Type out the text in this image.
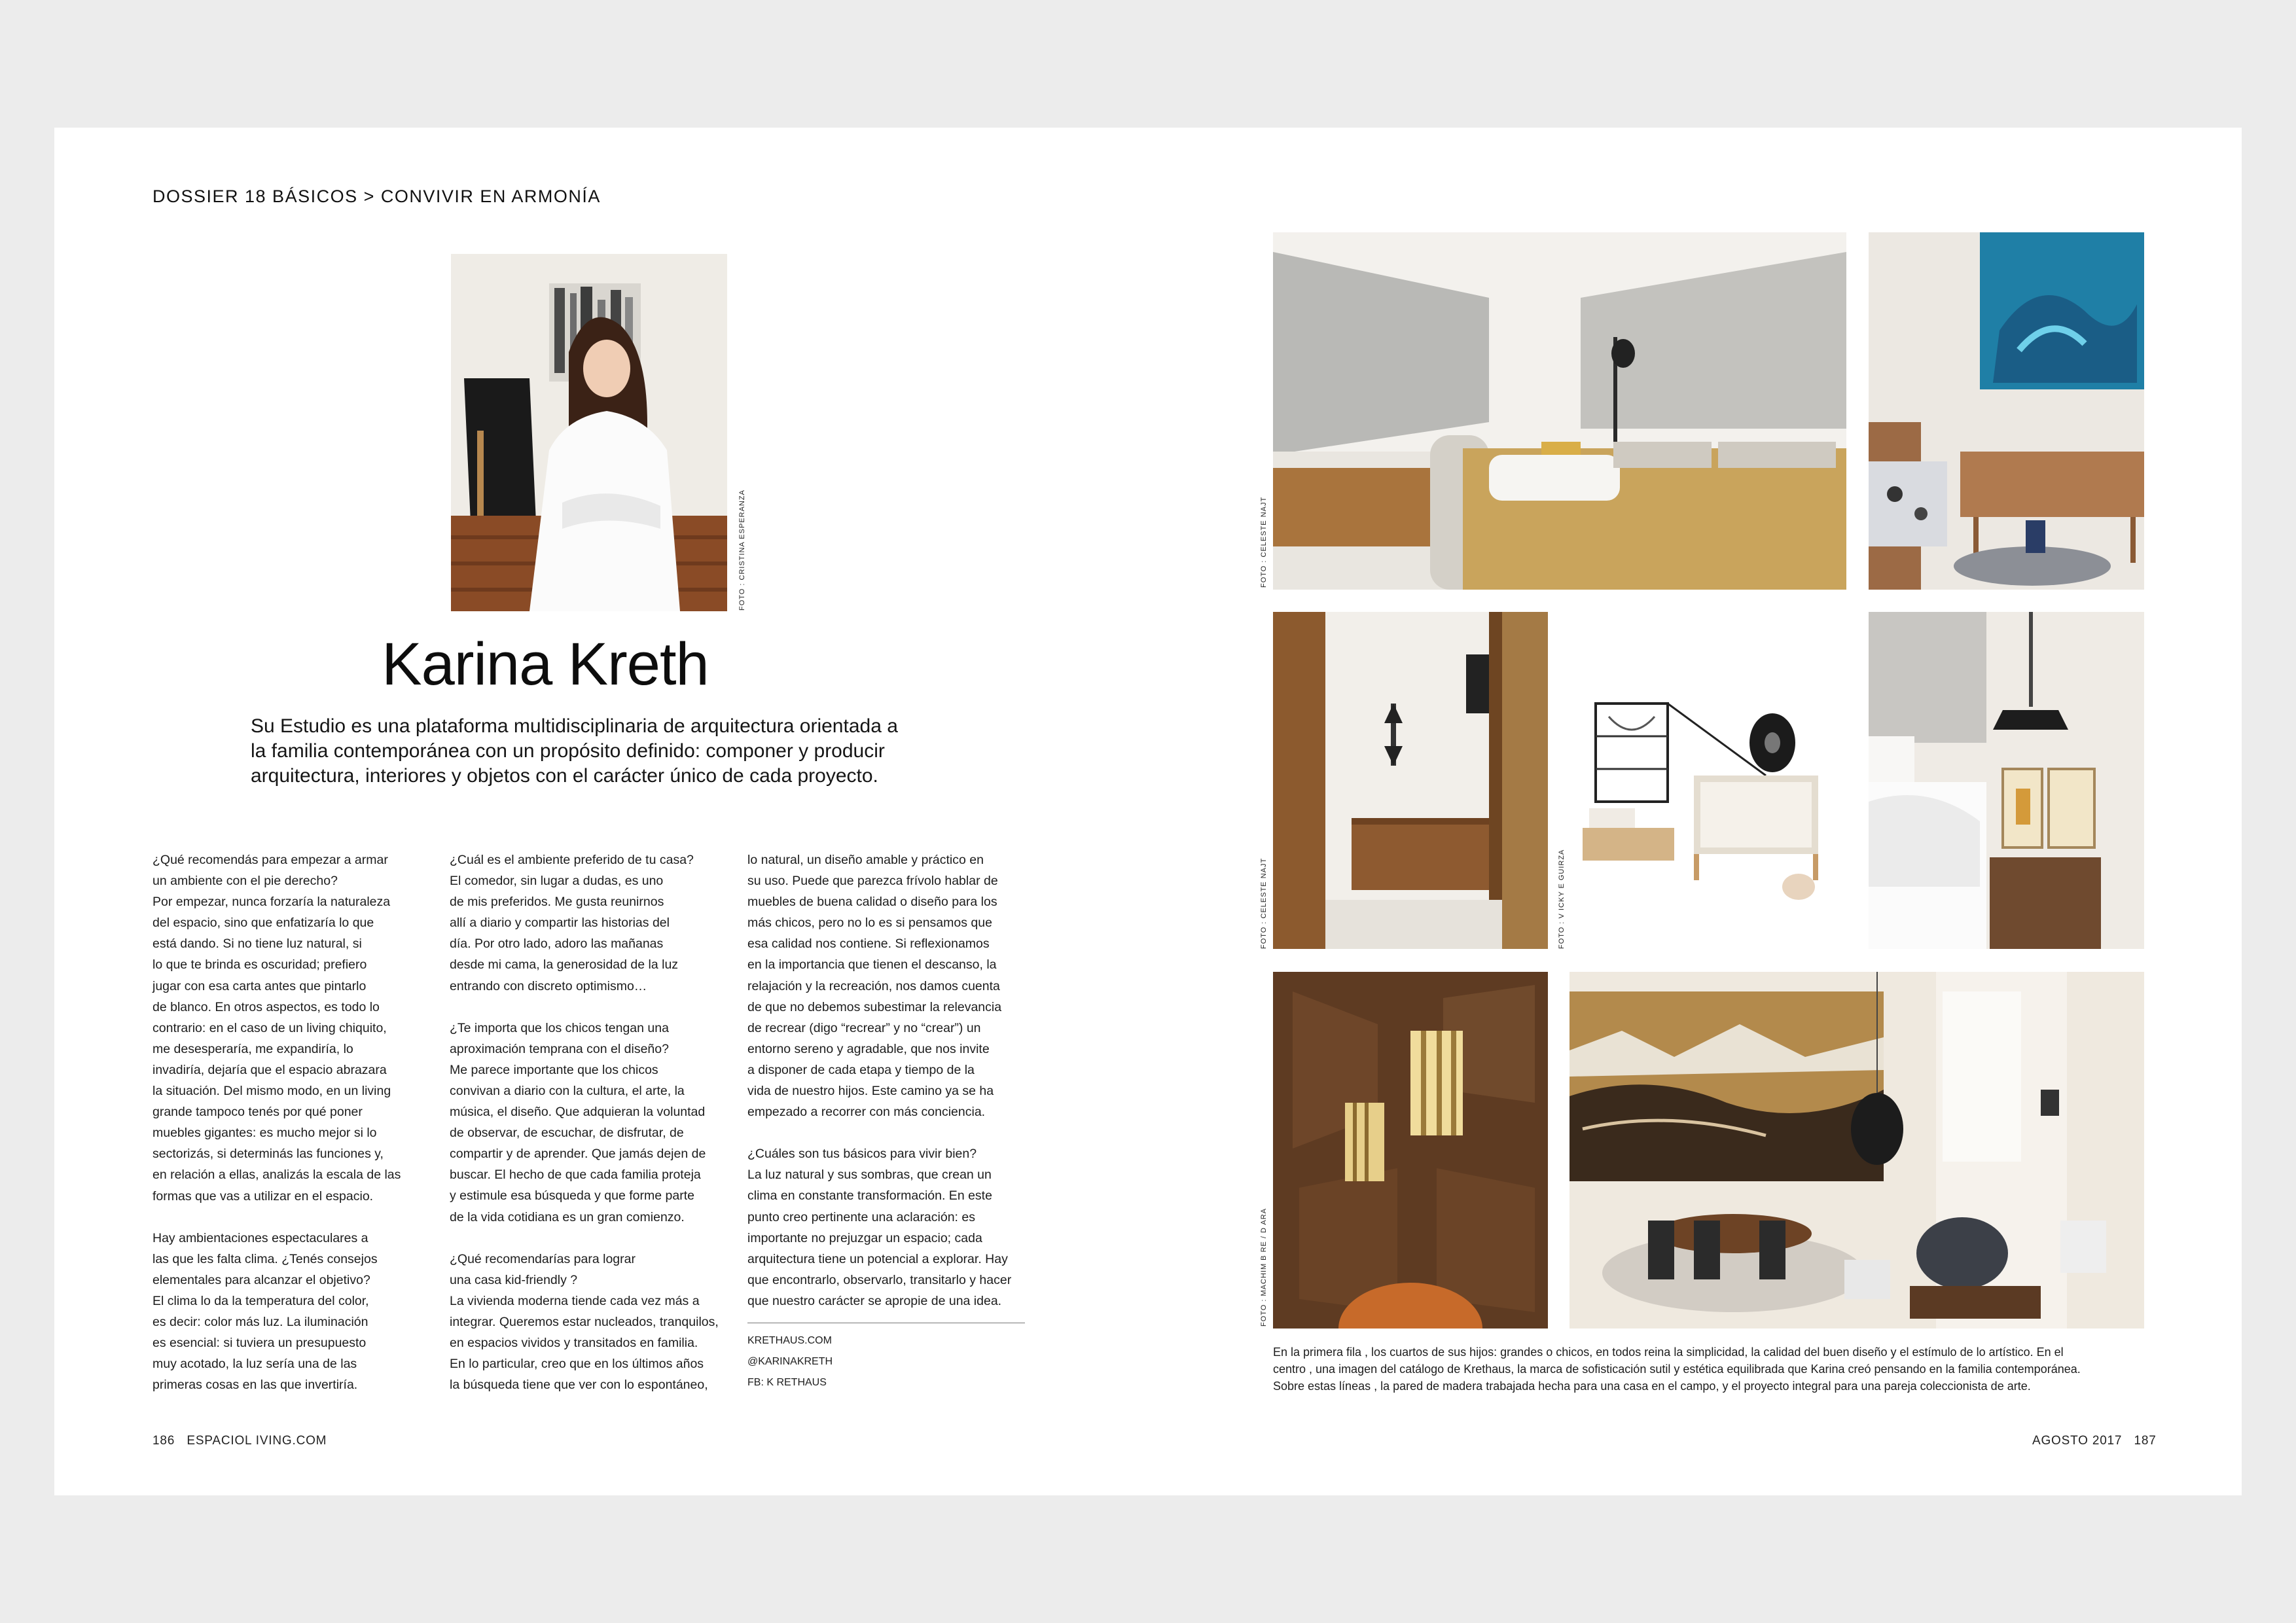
DOSSIER 18 BÁSICOS > CONVIVIR EN ARMONÍA
FOTO : CRISTINA ESPERANZA
Karina Kreth
Su Estudio es una plataforma multidisciplinaria de arquitectura orientada a
la familia contemporánea con un propósito definido: componer y producir
arquitectura, interiores y objetos con el carácter único de cada proyecto.
¿Qué recomendás para empezar a armar
un ambiente con el pie derecho?
Por empezar, nunca forzaría la naturaleza
del espacio, sino que enfatizaría lo que
está dando. Si no tiene luz natural, si
lo que te brinda es oscuridad; prefiero
jugar con esa carta antes que pintarlo
de blanco. En otros aspectos, es todo lo
contrario: en el caso de un living chiquito,
me desesperaría, me expandiría, lo
invadiría, dejaría que el espacio abrazara
la situación. Del mismo modo, en un living
grande tampoco tenés por qué poner
muebles gigantes: es mucho mejor si lo
sectorizás, si determinás las funciones y,
en relación a ellas, analizás la escala de las
formas que vas a utilizar en el espacio.
Hay ambientaciones espectaculares a
las que les falta clima. ¿Tenés consejos
elementales para alcanzar el objetivo?
El clima lo da la temperatura del color,
es decir: color más luz. La iluminación
es esencial: si tuviera un presupuesto
muy acotado, la luz sería una de las
primeras cosas en las que invertiría.
¿Cuál es el ambiente preferido de tu casa?
El comedor, sin lugar a dudas, es uno
de mis preferidos. Me gusta reunirnos
allí a diario y compartir las historias del
día. Por otro lado, adoro las mañanas
desde mi cama, la generosidad de la luz
entrando con discreto optimismo…
¿Te importa que los chicos tengan una
aproximación temprana con el diseño?
Me parece importante que los chicos
convivan a diario con la cultura, el arte, la
música, el diseño. Que adquieran la voluntad
de observar, de escuchar, de disfrutar, de
compartir y de aprender. Que jamás dejen de
buscar. El hecho de que cada familia proteja
y estimule esa búsqueda y que forme parte
de la vida cotidiana es un gran comienzo.
¿Qué recomendarías para lograr
una casa kid-friendly ?
La vivienda moderna tiende cada vez más a
integrar. Queremos estar nucleados, tranquilos,
en espacios vividos y transitados en familia.
En lo particular, creo que en los últimos años
la búsqueda tiene que ver con lo espontáneo,
lo natural, un diseño amable y práctico en
su uso. Puede que parezca frívolo hablar de
muebles de buena calidad o diseño para los
más chicos, pero no lo es si pensamos que
esa calidad nos contiene. Si reflexionamos
en la importancia que tienen el descanso, la
relajación y la recreación, nos damos cuenta
de que no debemos subestimar la relevancia
de recrear (digo “recrear” y no “crear”) un
entorno sereno y agradable, que nos invite
a disponer de cada etapa y tiempo de la
vida de nuestro hijos. Este camino ya se ha
empezado a recorrer con más conciencia.
¿Cuáles son tus básicos para vivir bien?
La luz natural y sus sombras, que crean un
clima en constante transformación. En este
punto creo pertinente una aclaración: es
importante no prejuzgar un espacio; cada
arquitectura tiene un potencial a explorar. Hay
que encontrarlo, observarlo, transitarlo y hacer
que nuestro carácter se apropie de una idea.
KRETHAUS.COM
@KARINAKRETH
FB: K RETHAUS
186 ESPACIOL IVING.COM
FOTO : CELESTE NAJT
FOTO : CELESTE NAJT	FOTO : V ICKY E GUIRZA
FOTO : MACHIM B RE / D ARA
En la primera fila , los cuartos de sus hijos: grandes o chicos, en todos reina la simplicidad, la calidad del buen diseño y el estímulo de lo artístico. En el
centro , una imagen del catálogo de Krethaus, la marca de sofisticación sutil y estética equilibrada que Karina creó pensando en la familia contemporánea.
Sobre estas líneas , la pared de madera trabajada hecha para una casa en el campo, y el proyecto integral para una pareja coleccionista de arte.
AGOSTO 2017 187
